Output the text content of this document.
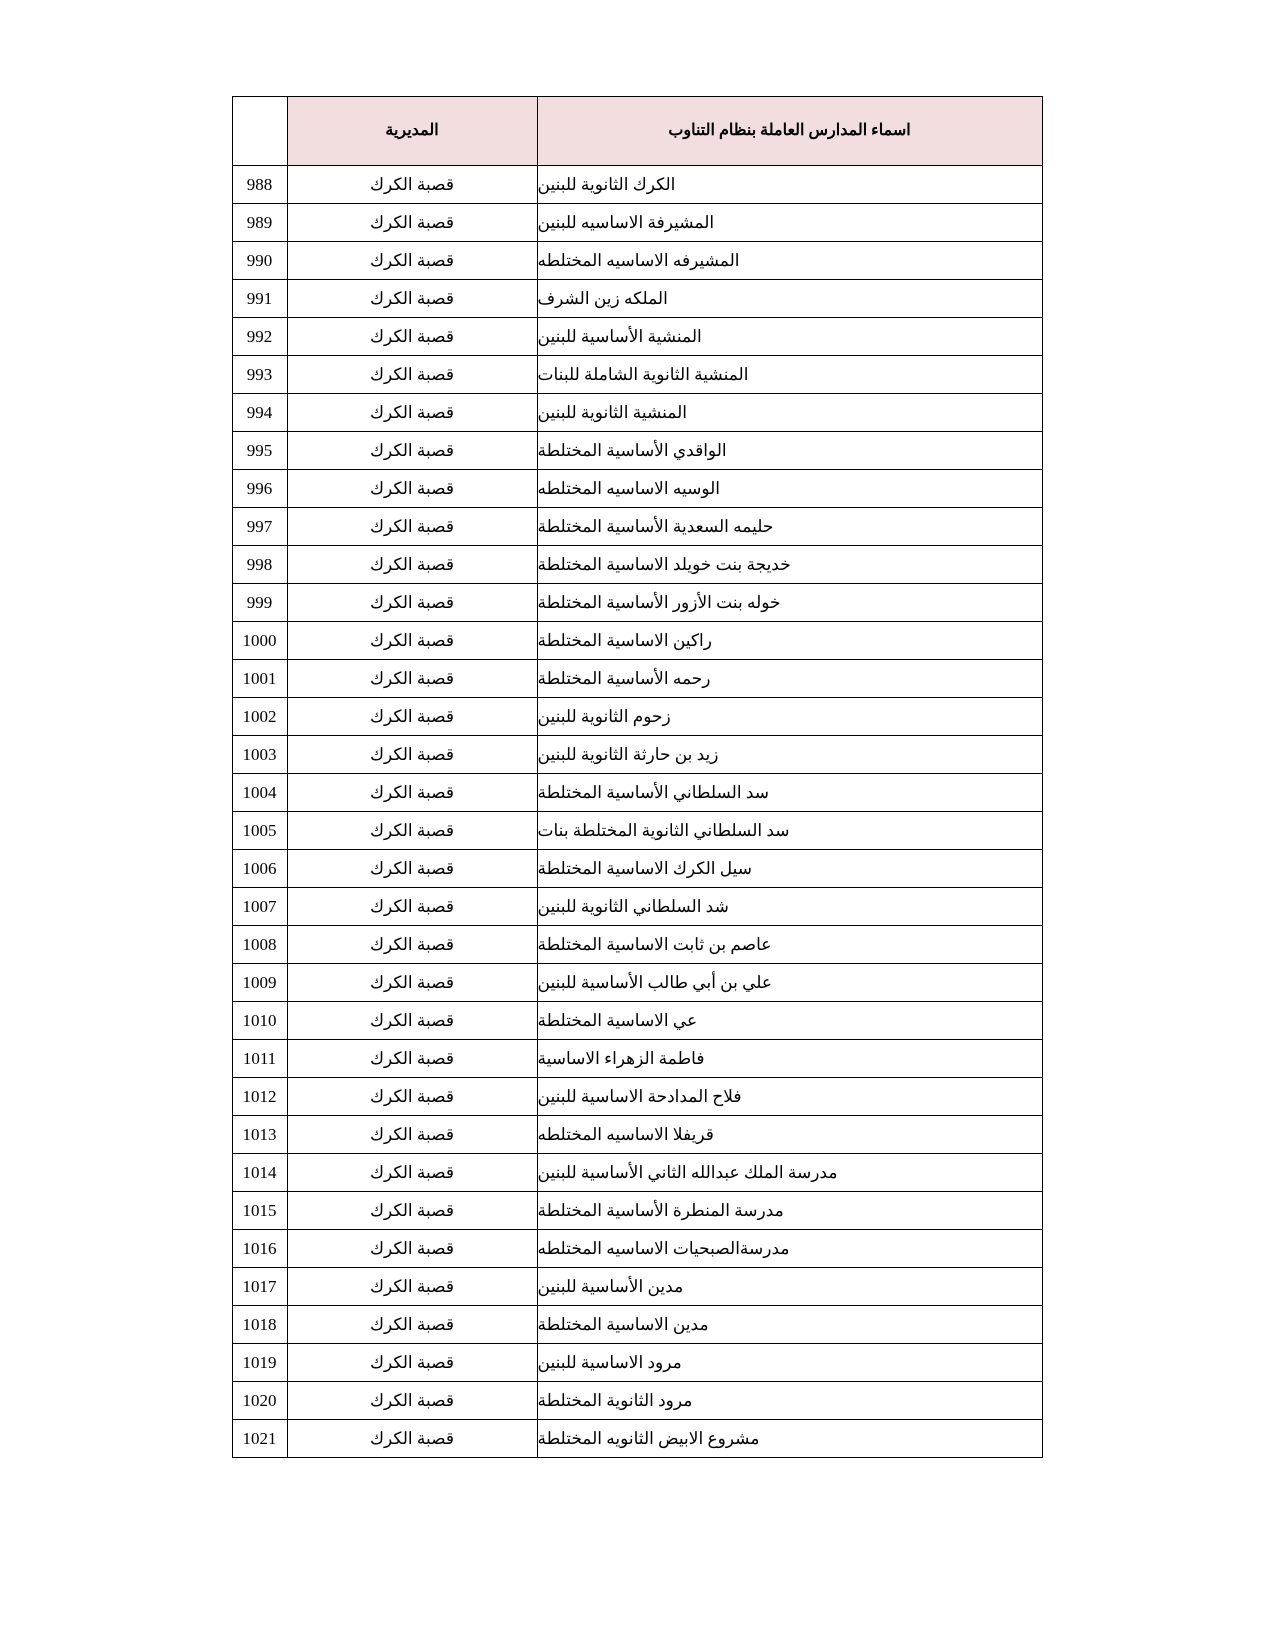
اسماء المدارس العاملة بنظام التناوب	المديرية	
الكرك الثانوية للبنين	قصبة الكرك	988
المشيرفة الاساسيه للبنين	قصبة الكرك	989
المشيرفه الاساسيه المختلطه	قصبة الكرك	990
الملكه زين الشرف	قصبة الكرك	991
المنشية الأساسية للبنين	قصبة الكرك	992
المنشية الثانوية الشاملة للبنات	قصبة الكرك	993
المنشية الثانوية للبنين	قصبة الكرك	994
الواقدي الأساسية المختلطة	قصبة الكرك	995
الوسيه الاساسيه المختلطه	قصبة الكرك	996
حليمه السعدية الأساسية المختلطة	قصبة الكرك	997
خديجة بنت خويلد الاساسية المختلطة	قصبة الكرك	998
خوله بنت الأزور الأساسية المختلطة	قصبة الكرك	999
راكين الاساسية المختلطة	قصبة الكرك	1000
رحمه الأساسية المختلطة	قصبة الكرك	1001
زحوم الثانوية للبنين	قصبة الكرك	1002
زيد بن حارثة الثانوية للبنين	قصبة الكرك	1003
سد السلطاني الأساسية المختلطة	قصبة الكرك	1004
سد السلطاني الثانوية المختلطة بنات	قصبة الكرك	1005
سيل الكرك الاساسية المختلطة	قصبة الكرك	1006
شد السلطاني الثانوية للبنين	قصبة الكرك	1007
عاصم بن ثابت الاساسية المختلطة	قصبة الكرك	1008
علي بن أبي طالب الأساسية للبنين	قصبة الكرك	1009
عي الاساسية المختلطة	قصبة الكرك	1010
فاطمة الزهراء الاساسية	قصبة الكرك	1011
فلاح المدادحة الاساسية للبنين	قصبة الكرك	1012
قريفلا الاساسيه المختلطه	قصبة الكرك	1013
مدرسة الملك عبدالله الثاني الأساسية للبنين	قصبة الكرك	1014
مدرسة المنطرة الأساسية المختلطة	قصبة الكرك	1015
مدرسةالصبحيات الاساسيه المختلطه	قصبة الكرك	1016
مدين الأساسية للبنين	قصبة الكرك	1017
مدين الاساسية المختلطة	قصبة الكرك	1018
مرود الاساسية للبنين	قصبة الكرك	1019
مرود الثانوية المختلطة	قصبة الكرك	1020
مشروع الابيض الثانويه المختلطة	قصبة الكرك	1021
